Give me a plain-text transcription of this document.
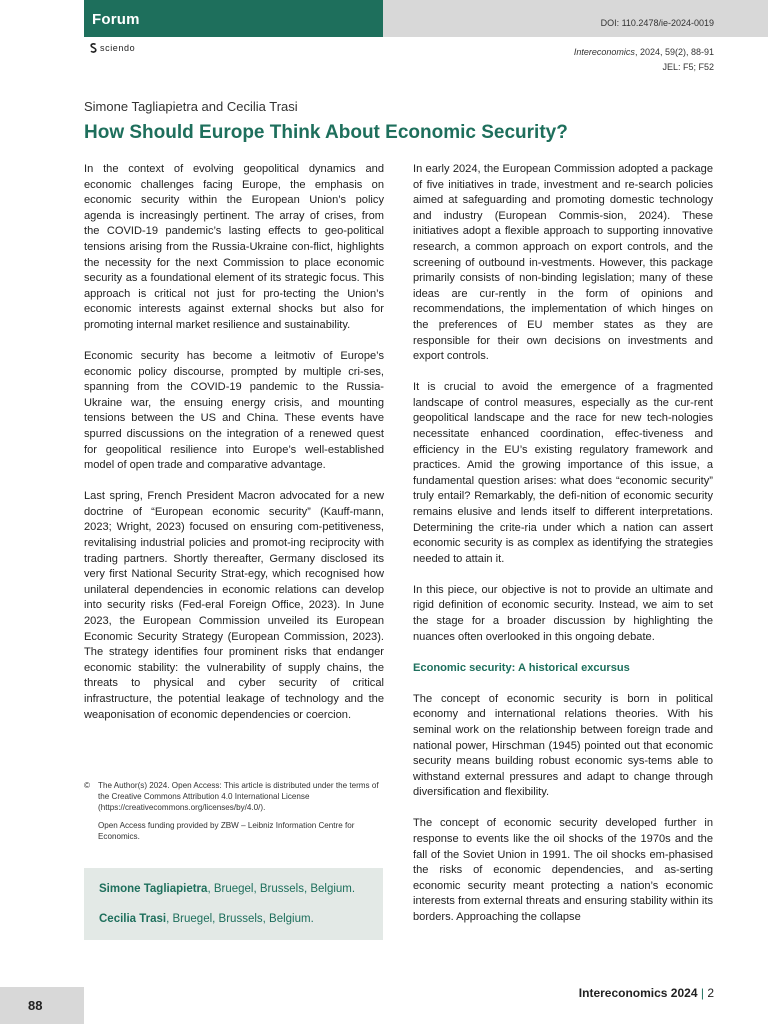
Forum	DOI: 110.2478/ie-2024-0019
sciendo	Intereconomics, 2024, 59(2), 88-91
JEL: F5; F52
Simone Tagliapietra and Cecilia Trasi
How Should Europe Think About Economic Security?

In the context of evolving geopolitical dynamics and economic challenges facing Europe, the emphasis on economic security within the European Union’s policy agenda is increasingly pertinent. The array of crises, from the COVID-19 pandemic’s lasting effects to geo-political tensions arising from the Russia-Ukraine con-flict, highlights the necessity for the next Commission to place economic security as a foundational element of its strategic focus. This approach is critical not just for pro-tecting the Union’s economic interests against external shocks but also for promoting internal market resilience and sustainability.

Economic security has become a leitmotiv of Europe’s economic policy discourse, prompted by multiple cri-ses, spanning from the COVID-19 pandemic to the Russia-Ukraine war, the ensuing energy crisis, and mounting tensions between the US and China. These events have spurred discussions on the integration of a renewed quest for geopolitical resilience into Europe’s well-established model of open trade and comparative advantage.

Last spring, French President Macron advocated for a new doctrine of “European economic security” (Kauff-mann, 2023; Wright, 2023) focused on ensuring com-petitiveness, revitalising industrial policies and promot-ing reciprocity with trading partners. Shortly thereafter, Germany disclosed its very first National Security Strat-egy, which recognised how unilateral dependencies in economic relations can develop into security risks (Fed-eral Foreign Office, 2023). In June 2023, the European Commission unveiled its European Economic Security Strategy (European Commission, 2023). The strategy identifies four prominent risks that endanger economic stability: the vulnerability of supply chains, the threats to physical and cyber security of critical infrastructure, the potential leakage of technology and the weaponisation of economic dependencies or coercion.

© The Author(s) 2024. Open Access: This article is distributed under the terms of the Creative Commons Attribution 4.0 International License (https://creativecommons.org/licenses/by/4.0/).
Open Access funding provided by ZBW – Leibniz Information Centre for Economics.
Simone Tagliapietra, Bruegel, Brussels, Belgium.
Cecilia Trasi, Bruegel, Brussels, Belgium.

In early 2024, the European Commission adopted a package of five initiatives in trade, investment and re-search policies aimed at safeguarding and promoting domestic technology and industry (European Commis-sion, 2024). These initiatives adopt a flexible approach to supporting innovative research, a common approach on export controls, and the screening of outbound in-vestments. However, this package primarily consists of non-binding legislation; many of these ideas are cur-rently in the form of opinions and recommendations, the implementation of which hinges on the preferences of EU member states as they are responsible for their own decisions on investments and export controls.

It is crucial to avoid the emergence of a fragmented landscape of control measures, especially as the cur-rent geopolitical landscape and the race for new tech-nologies necessitate enhanced coordination, effec-tiveness and efficiency in the EU’s existing regulatory framework and practices. Amid the growing importance of this issue, a fundamental question arises: what does “economic security” truly entail? Remarkably, the defi-nition of economic security remains elusive and lends itself to different interpretations. Determining the crite-ria under which a nation can assert economic security is as complex as identifying the strategies needed to attain it.

In this piece, our objective is not to provide an ultimate and rigid definition of economic security. Instead, we aim to set the stage for a broader discussion by highlighting the nuances often overlooked in this ongoing debate.

Economic security: A historical excursus

The concept of economic security is born in political economy and international relations theories. With his seminal work on the relationship between foreign trade and national power, Hirschman (1945) pointed out that economic security means building robust economic sys-tems able to withstand external pressures and adapt to change through diversification and flexibility.

The concept of economic security developed further in response to events like the oil shocks of the 1970s and the fall of the Soviet Union in 1991. The oil shocks em-phasised the risks of economic dependencies, and as-serting economic security meant protecting a nation’s economic interests from external threats and ensuring stability within its borders. Approaching the collapse

88
Intereconomics 2024 | 2
